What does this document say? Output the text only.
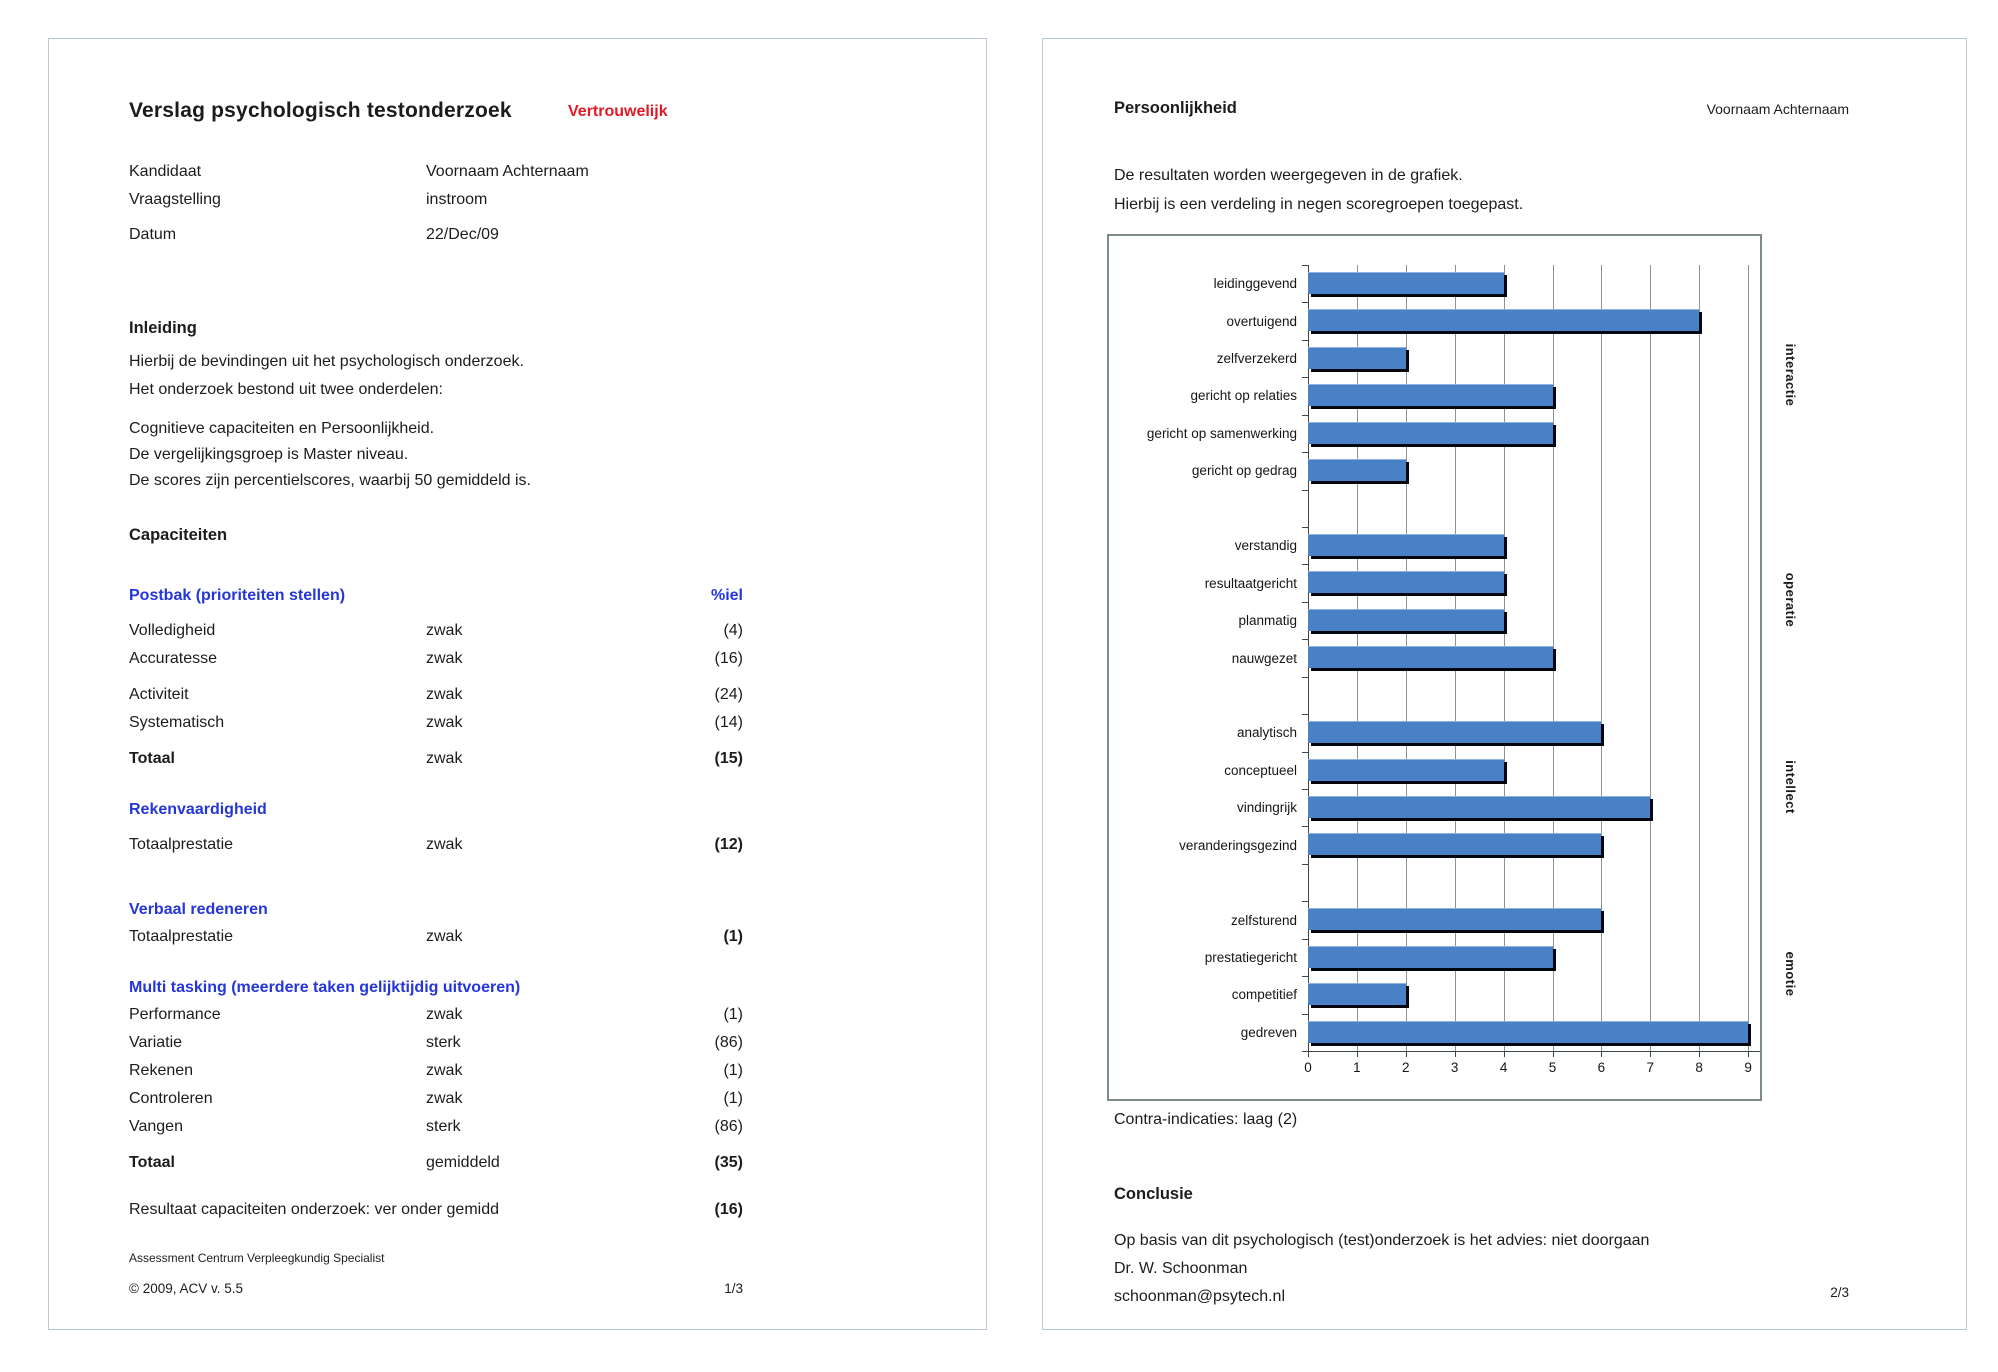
Verslag psychologisch testonderzoek	Vertrouwelijk
Kandidaat	Voornaam Achternaam
Vraagstelling	instroom
Datum	22/Dec/09
Inleiding
Hierbij de bevindingen uit het psychologisch onderzoek.
Het onderzoek bestond uit twee onderdelen:
Cognitieve capaciteiten en Persoonlijkheid.
De vergelijkingsgroep is Master niveau.
De scores zijn percentielscores, waarbij 50 gemiddeld is.
Capaciteiten
Postbak (prioriteiten stellen)	%iel
Volledigheid	zwak	(4)
Accuratesse	zwak	(16)
Activiteit	zwak	(24)
Systematisch	zwak	(14)
Totaal	zwak	(15)
Rekenvaardigheid
Totaalprestatie	zwak	(12)
Verbaal redeneren
Totaalprestatie	zwak	(1)
Multi tasking (meerdere taken gelijktijdig uitvoeren)
Performance	zwak	(1)
Variatie	sterk	(86)
Rekenen	zwak	(1)
Controleren	zwak	(1)
Vangen	sterk	(86)
Totaal	gemiddeld	(35)
Resultaat capaciteiten onderzoek: ver onder gemidd	(16)
Assessment Centrum Verpleegkundig Specialist
© 2009, ACV v. 5.5	1/3
Persoonlijkheid	Voornaam Achternaam
De resultaten worden weergegeven in de grafiek.
Hierbij is een verdeling in negen scoregroepen toegepast.
0	1	2	3	4	5	6	7	8	9
leidinggevend
overtuigend
zelfverzekerd
gericht op relaties
gericht op samenwerking
gericht op gedrag
verstandig
resultaatgericht
planmatig
nauwgezet
analytisch
conceptueel
vindingrijk
veranderingsgezind
zelfsturend
prestatiegericht
competitief
gedreven
interactie
operatie
intellect
emotie
Contra-indicaties: laag (2)
Conclusie
Op basis van dit psychologisch (test)onderzoek is het advies: niet doorgaan
Dr. W. Schoonman
schoonman@psytech.nl	2/3
